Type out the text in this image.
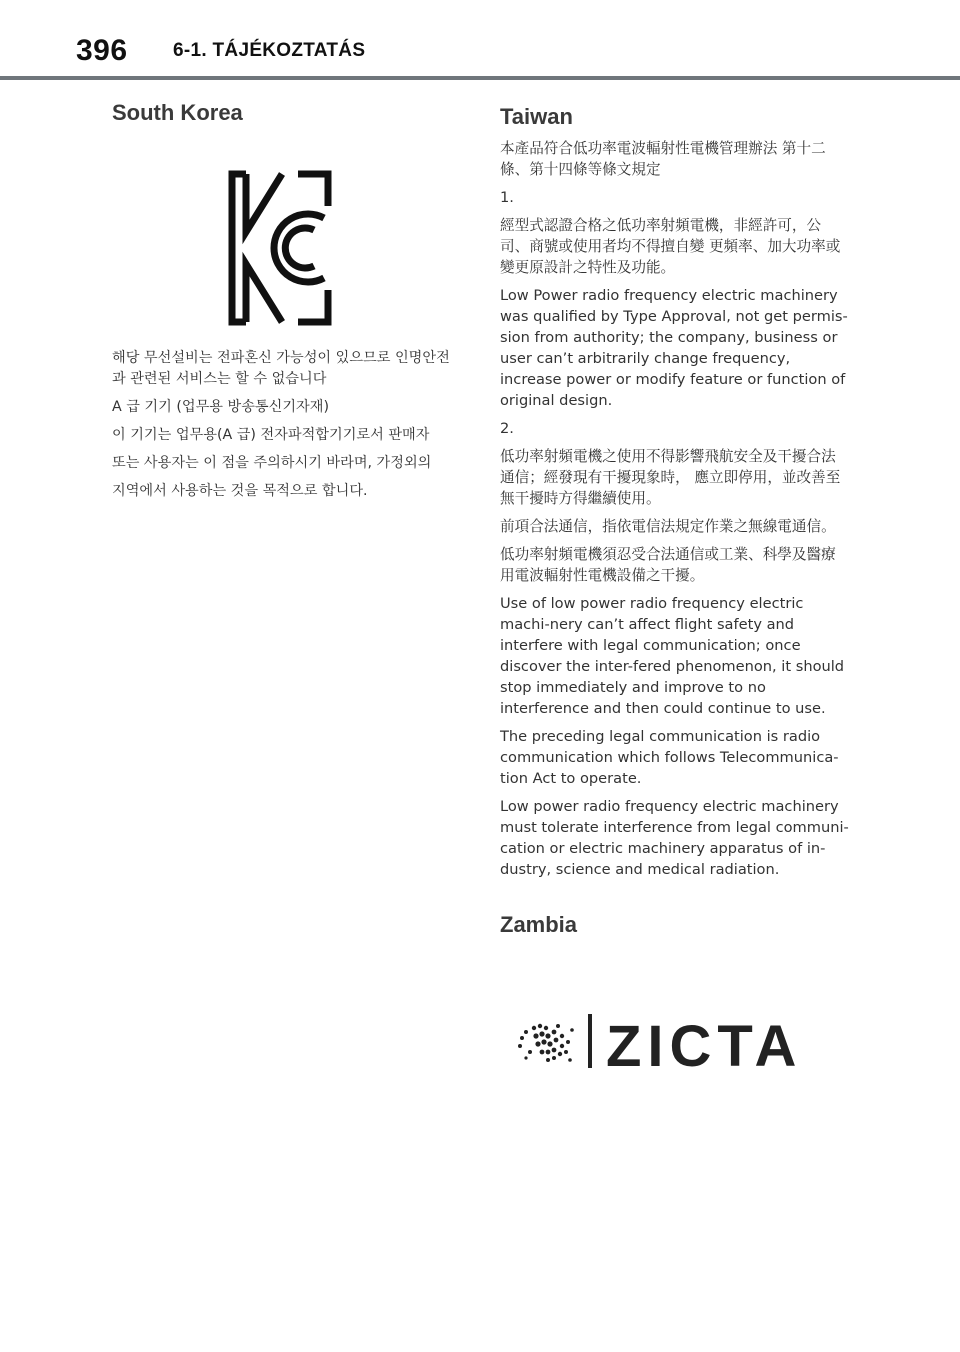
396 6-1. TÁJÉKOZTATÁS
South Korea

해당 무선설비는 전파혼신 가능성이 있으므로 인명안전과 관련된 서비스는 할 수 없습니다

A 급 기기 (업무용 방송통신기자재)

이 기기는 업무용(A 급) 전자파적합기기로서 판매자

또는 사용자는 이 점을 주의하시기 바라며, 가정외의

지역에서 사용하는 것을 목적으로 합니다.

Taiwan

本產品符合低功率電波輻射性電機管理辦法 第十二條、第十四條等條文規定

1.

經型式認證合格之低功率射頻電機，非經許可，公司、商號或使用者均不得擅自變 更頻率、加大功率或變更原設計之特性及功能。

Low Power radio frequency electric machinery was qualified by Type Approval, not get permis-sion from authority; the company, business or user can’t arbitrarily change frequency, increase power or modify feature or function of original design.

2.

低功率射頻電機之使用不得影響飛航安全及干擾合法通信；經發現有干擾現象時， 應立即停用，並改善至無干擾時方得繼續使用。

前項合法通信，指依電信法規定作業之無線電通信。

低功率射頻電機須忍受合法通信或工業、科學及醫療用電波輻射性電機設備之干擾。

Use of low power radio frequency electric machi-nery can’t affect flight safety and interfere with legal communication; once discover the inter-fered phenomenon, it should stop immediately and improve to no interference and then could continue to use.

The preceding legal communication is radio communication which follows Telecommunica-tion Act to operate.

Low power radio frequency electric machinery must tolerate interference from legal communi-cation or electric machinery apparatus of in-dustry, science and medical radiation.

Zambia
ZICTA
